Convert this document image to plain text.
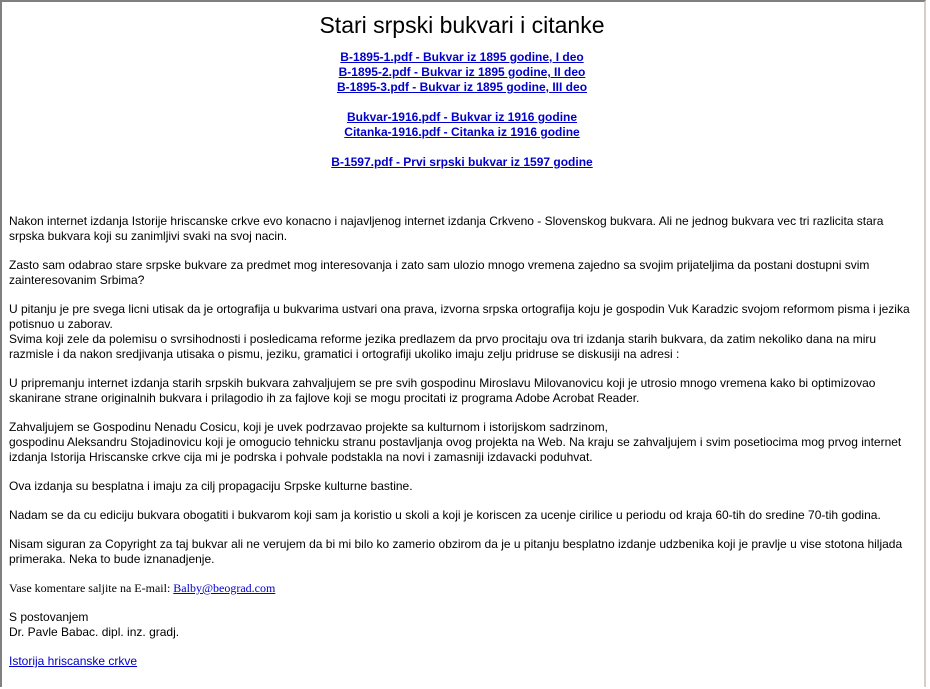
Stari srpski bukvari i citanke
B-1895-1.pdf - Bukvar iz 1895 godine, I deo
B-1895-2.pdf - Bukvar iz 1895 godine, II deo
B-1895-3.pdf - Bukvar iz 1895 godine, III deo
Bukvar-1916.pdf - Bukvar iz 1916 godine
Citanka-1916.pdf - Citanka iz 1916 godine
B-1597.pdf - Prvi srpski bukvar iz 1597 godine

Nakon internet izdanja Istorije hriscanske crkve evo konacno i najavljenog internet izdanja Crkveno - Slovenskog bukvara. Ali ne jednog bukvara vec tri razlicita stara srpska bukvara koji su zanimljivi svaki na svoj nacin.

Zasto sam odabrao stare srpske bukvare za predmet mog interesovanja i zato sam ulozio mnogo vremena zajedno sa svojim prijateljima da postani dostupni svim zainteresovanim Srbima?

U pitanju je pre svega licni utisak da je ortografija u bukvarima ustvari ona prava, izvorna srpska ortografija koju je gospodin Vuk Karadzic svojom reformom pisma i jezika potisnuo u zaborav.
Svima koji zele da polemisu o svrsihodnosti i posledicama reforme jezika predlazem da prvo procitaju ova tri izdanja starih bukvara, da zatim nekoliko dana na miru razmisle i da nakon sredjivanja utisaka o pismu, jeziku, gramatici i ortografiji ukoliko imaju zelju pridruse se diskusiji na adresi :

U pripremanju internet izdanja starih srpskih bukvara zahvaljujem se pre svih gospodinu Miroslavu Milovanovicu koji je utrosio mnogo vremena kako bi optimizovao skanirane strane originalnih bukvara i prilagodio ih za fajlove koji se mogu procitati iz programa Adobe Acrobat Reader.

Zahvaljujem se Gospodinu Nenadu Cosicu, koji je uvek podrzavao projekte sa kulturnom i istorijskom sadrzinom,
gospodinu Aleksandru Stojadinovicu koji je omogucio tehnicku stranu postavljanja ovog projekta na Web. Na kraju se zahvaljujem i svim posetiocima mog prvog internet izdanja Istorija Hriscanske crkve cija mi je podrska i pohvale podstakla na novi i zamasniji izdavacki poduhvat.

Ova izdanja su besplatna i imaju za cilj propagaciju Srpske kulturne bastine.

Nadam se da cu ediciju bukvara obogatiti i bukvarom koji sam ja koristio u skoli a koji je koriscen za ucenje cirilice u periodu od kraja 60-tih do sredine 70-tih godina.

Nisam siguran za Copyright za taj bukvar ali ne verujem da bi mi bilo ko zamerio obzirom da je u pitanju besplatno izdanje udzbenika koji je pravlje u vise stotona hiljada primeraka. Neka to bude iznanadjenje.

Vase komentare saljite na E-mail: Balby@beograd.com

S postovanjem
Dr. Pavle Babac. dipl. inz. gradj.

Istorija hriscanske crkve
